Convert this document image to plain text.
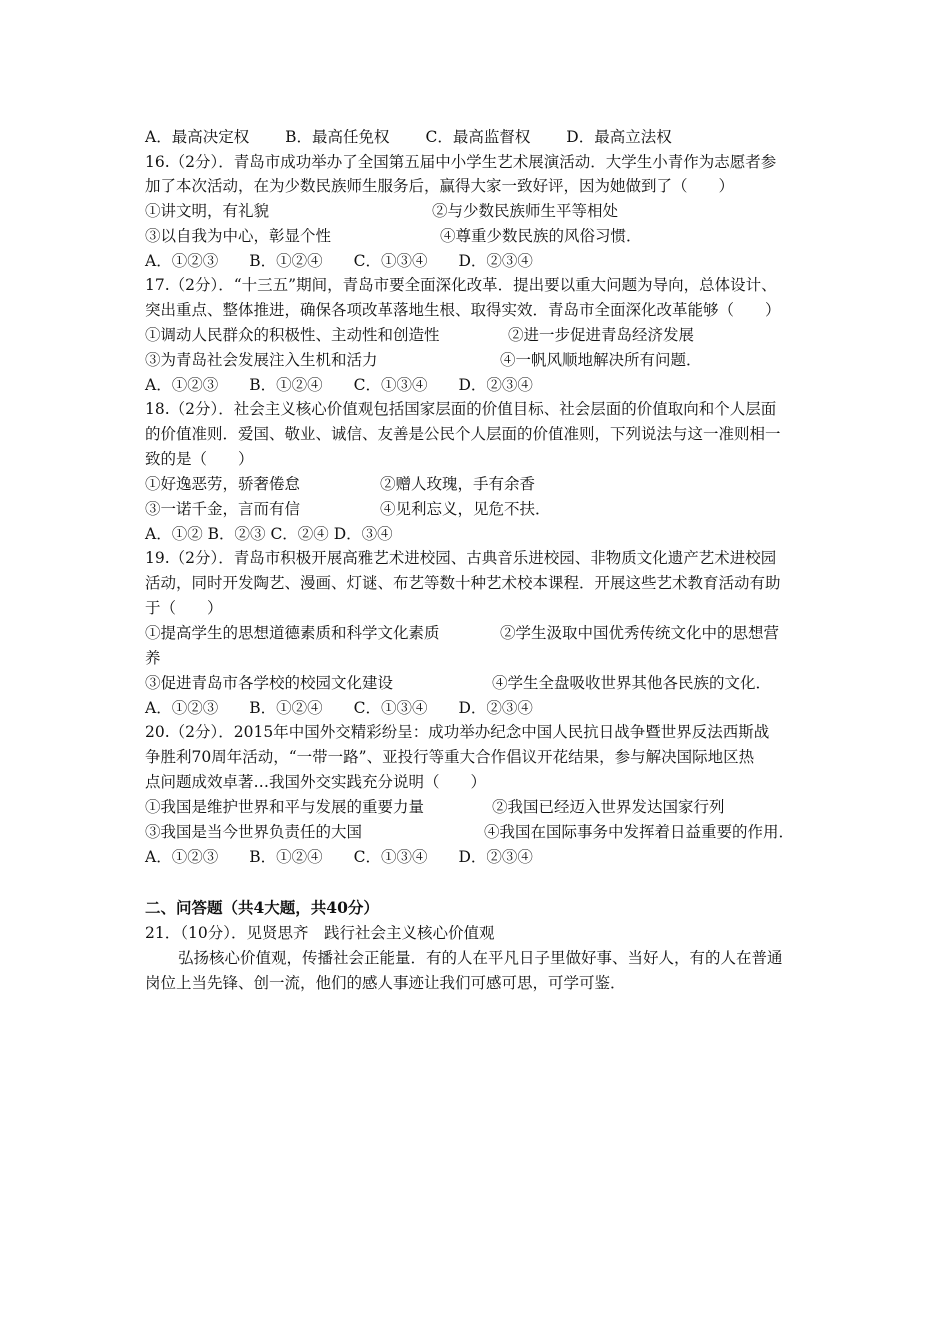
A．最高决定权　　 B．最高任免权　　 C．最高监督权　　 D．最高立法权
16.（2分）．青岛市成功举办了全国第五届中小学生艺术展演活动．大学生小青作为志愿者参
加了本次活动，在为少数民族师生服务后，赢得大家一致好评，因为她做到了（　　）
①讲文明，有礼貌	②与少数民族师生平等相处
③以自我为中心，彰显个性	④尊重少数民族的风俗习惯．
A．①②③　　B．①②④　　C．①③④　　D．②③④
17.（2分）．“十三五”期间，青岛市要全面深化改革．提出要以重大问题为导向，总体设计、
突出重点、整体推进，确保各项改革落地生根、取得实效．青岛市全面深化改革能够（　　）
①调动人民群众的积极性、主动性和创造性	②进一步促进青岛经济发展
③为青岛社会发展注入生机和活力	④一帆风顺地解决所有问题．
A．①②③　　B．①②④　　C．①③④　　D．②③④
18.（2分）．社会主义核心价值观包括国家层面的价值目标、社会层面的价值取向和个人层面
的价值准则．爱国、敬业、诚信、友善是公民个人层面的价值准则，下列说法与这一准则相一
致的是（　　）
①好逸恶劳，骄奢倦怠	②赠人玫瑰，手有余香
③一诺千金，言而有信	④见利忘义，见危不扶．
A．①② B．②③ C．②④ D．③④
19.（2分）．青岛市积极开展高雅艺术进校园、古典音乐进校园、非物质文化遗产艺术进校园
活动，同时开发陶艺、漫画、灯谜、布艺等数十种艺术校本课程．开展这些艺术教育活动有助
于（　　）
①提高学生的思想道德素质和科学文化素质	②学生汲取中国优秀传统文化中的思想营
养
③促进青岛市各学校的校园文化建设	④学生全盘吸收世界其他各民族的文化．
A．①②③　　B．①②④　　C．①③④　　D．②③④
20.（2分）．2015年中国外交精彩纷呈：成功举办纪念中国人民抗日战争暨世界反法西斯战
争胜利70周年活动，“一带一路”、亚投行等重大合作倡议开花结果，参与解决国际地区热
点问题成效卓著…我国外交实践充分说明（　　）
①我国是维护世界和平与发展的重要力量	②我国已经迈入世界发达国家行列
③我国是当今世界负责任的大国	④我国在国际事务中发挥着日益重要的作用．
A．①②③　　B．①②④　　C．①③④　　D．②③④
二、问答题（共4大题，共40分）
21．（10分）．见贤思齐　践行社会主义核心价值观
弘扬核心价值观，传播社会正能量．有的人在平凡日子里做好事、当好人，有的人在普通
岗位上当先锋、创一流，他们的感人事迹让我们可感可思，可学可鉴．
